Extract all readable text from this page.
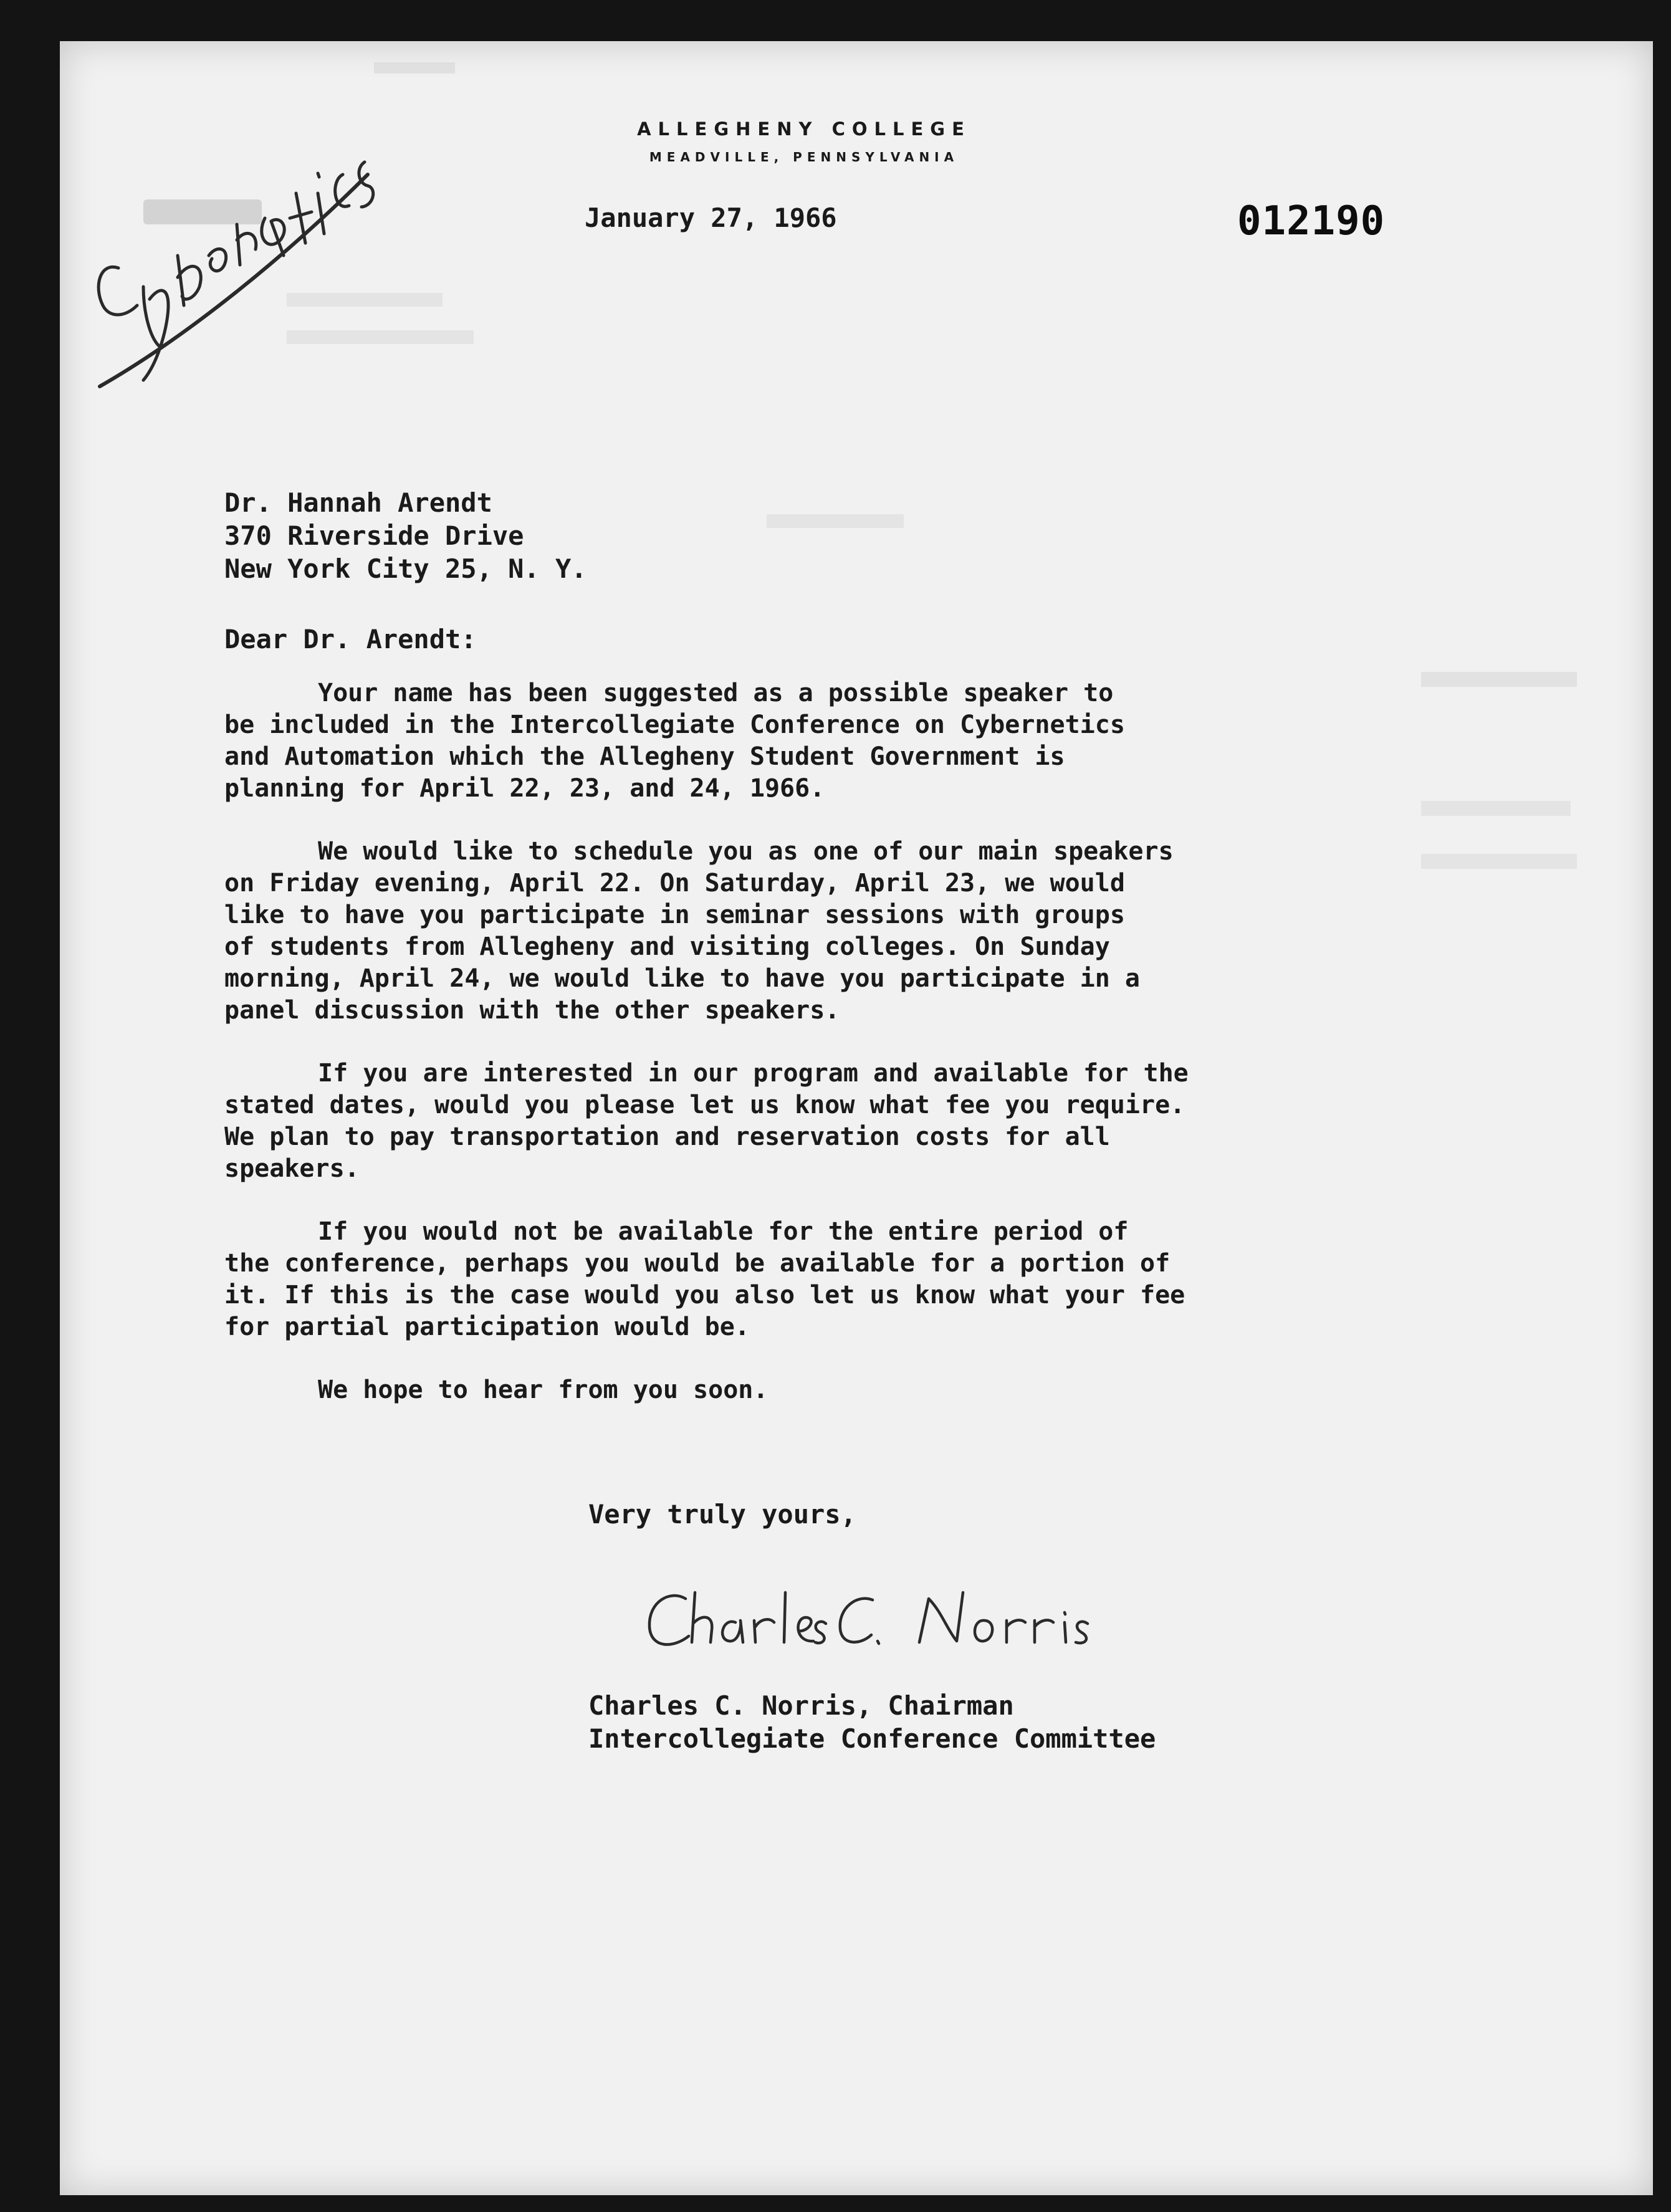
ALLEGHENY COLLEGE
MEADVILLE, PENNSYLVANIA
January 27, 1966	012190
Dr. Hannah Arendt
370 Riverside Drive
New York City 25, N. Y.
Dear Dr. Arendt:

Your name has been suggested as a possible speaker to
be included in the Intercollegiate Conference on Cybernetics
and Automation which the Allegheny Student Government is
planning for April 22, 23, and 24, 1966.

We would like to schedule you as one of our main speakers
on Friday evening, April 22. On Saturday, April 23, we would
like to have you participate in seminar sessions with groups
of students from Allegheny and visiting colleges. On Sunday
morning, April 24, we would like to have you participate in a
panel discussion with the other speakers.

If you are interested in our program and available for the
stated dates, would you please let us know what fee you require.
We plan to pay transportation and reservation costs for all
speakers.

If you would not be available for the entire period of
the conference, perhaps you would be available for a portion of
it. If this is the case would you also let us know what your fee
for partial participation would be.

We hope to hear from you soon.

Very truly yours,
Charles C. Norris, Chairman
Intercollegiate Conference Committee
